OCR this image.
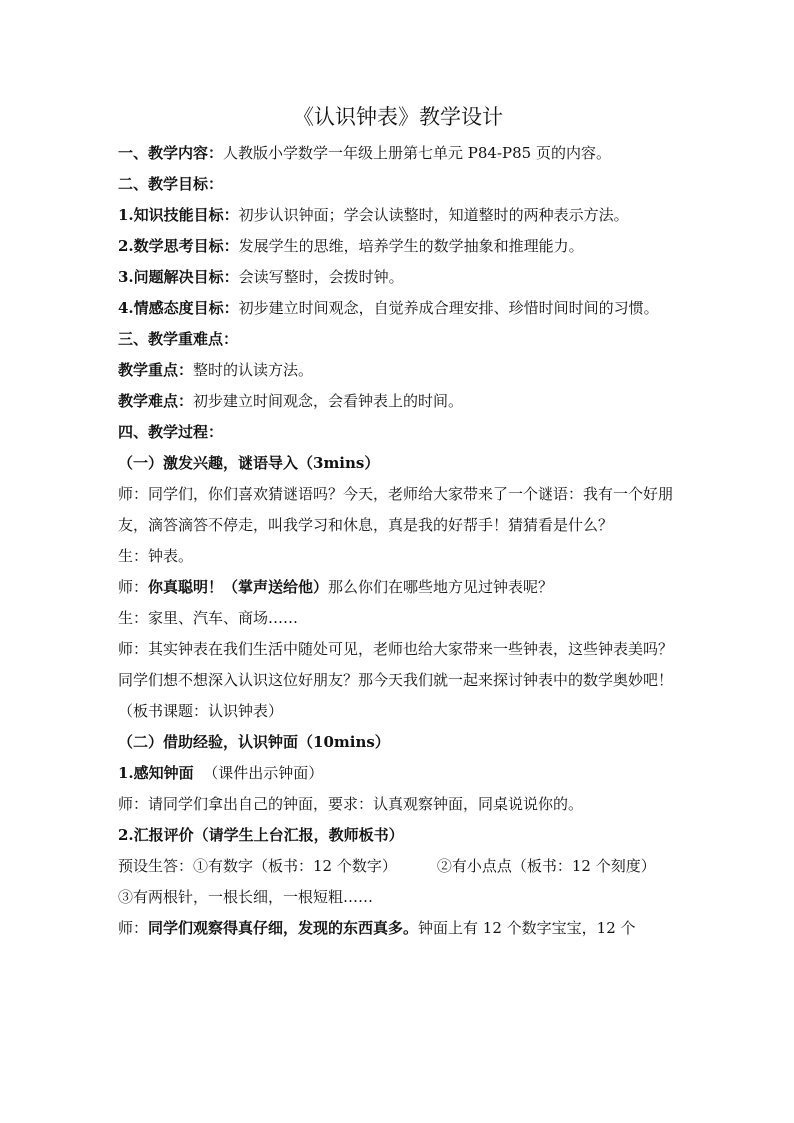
《认识钟表》教学设计

一、教学内容：人教版小学数学一年级上册第七单元 P84-P85 页的内容。

二、教学目标：

1.知识技能目标：初步认识钟面；学会认读整时，知道整时的两种表示方法。

2.数学思考目标：发展学生的思维，培养学生的数学抽象和推理能力。

3.问题解决目标：会读写整时，会拨时钟。

4.情感态度目标：初步建立时间观念，自觉养成合理安排、珍惜时间时间的习惯。

三、教学重难点：

教学重点：整时的认读方法。

教学难点：初步建立时间观念，会看钟表上的时间。

四、教学过程：

（一）激发兴趣，谜语导入（3mins）

师：同学们，你们喜欢猜谜语吗？今天，老师给大家带来了一个谜语：我有一个好朋友，滴答滴答不停走，叫我学习和休息，真是我的好帮手！猜猜看是什么？

生：钟表。

师：你真聪明！（掌声送给他）那么你们在哪些地方见过钟表呢？

生：家里、汽车、商场……

师：其实钟表在我们生活中随处可见，老师也给大家带来一些钟表，这些钟表美吗？同学们想不想深入认识这位好朋友？那今天我们就一起来探讨钟表中的数学奥妙吧！（板书课题：认识钟表）

（二）借助经验，认识钟面（10mins）

1.感知钟面 （课件出示钟面）

师：请同学们拿出自己的钟面，要求：认真观察钟面，同桌说说你的。

2.汇报评价（请学生上台汇报，教师板书）

预设生答：①有数字（板书：12 个数字）	②有小点点（板书：12 个刻度）

③有两根针，一根长细，一根短粗……

师：同学们观察得真仔细，发现的东西真多。钟面上有 12 个数字宝宝，12 个
